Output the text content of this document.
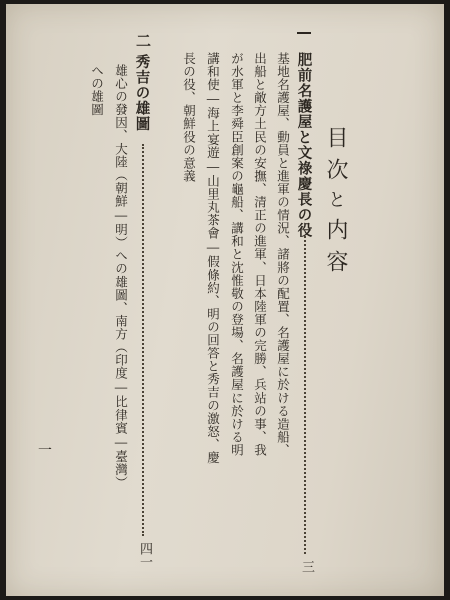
目次と内容
肥前名護屋と文祿慶長の役
三
基地名護屋、動員と進軍の情況、諸將の配置、名護屋に於ける造船、
出船と敵方土民の安撫、清正の進軍、日本陸軍の完勝、兵站の事、我
が水軍と李舜臣創案の龜船、講和と沈惟敬の登場、名護屋に於ける明
講和使―海上宴遊―山里丸茶會―假條約、明の回答と秀吉の激怒、慶
長の役、朝鮮役の意義
二
秀吉の雄圖
四一
雄心の發因、大陸（朝鮮―明）への雄圖、南方（印度―比律賓―臺灣）
への雄圖
一
